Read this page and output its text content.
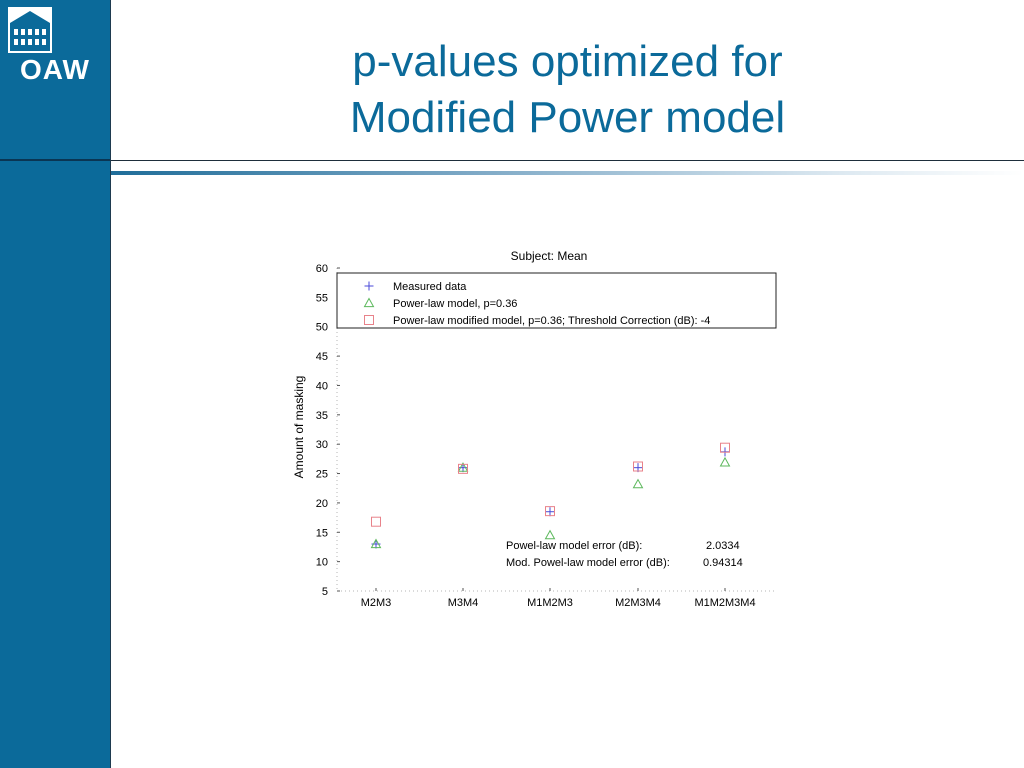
OAW	p-values optimized for
Modified Power model
Subject: Mean
Amount of masking
5
10
15
20
25
30
35
40
45
50
55
60
M2M3	M3M4	M1M2M3	M2M3M4	M1M2M3M4
Measured data
Power-law model, p=0.36
Power-law modified model, p=0.36; Threshold Correction (dB): -4
Powel-law model error (dB):	2.0334
Mod. Powel-law model error (dB):	0.94314
